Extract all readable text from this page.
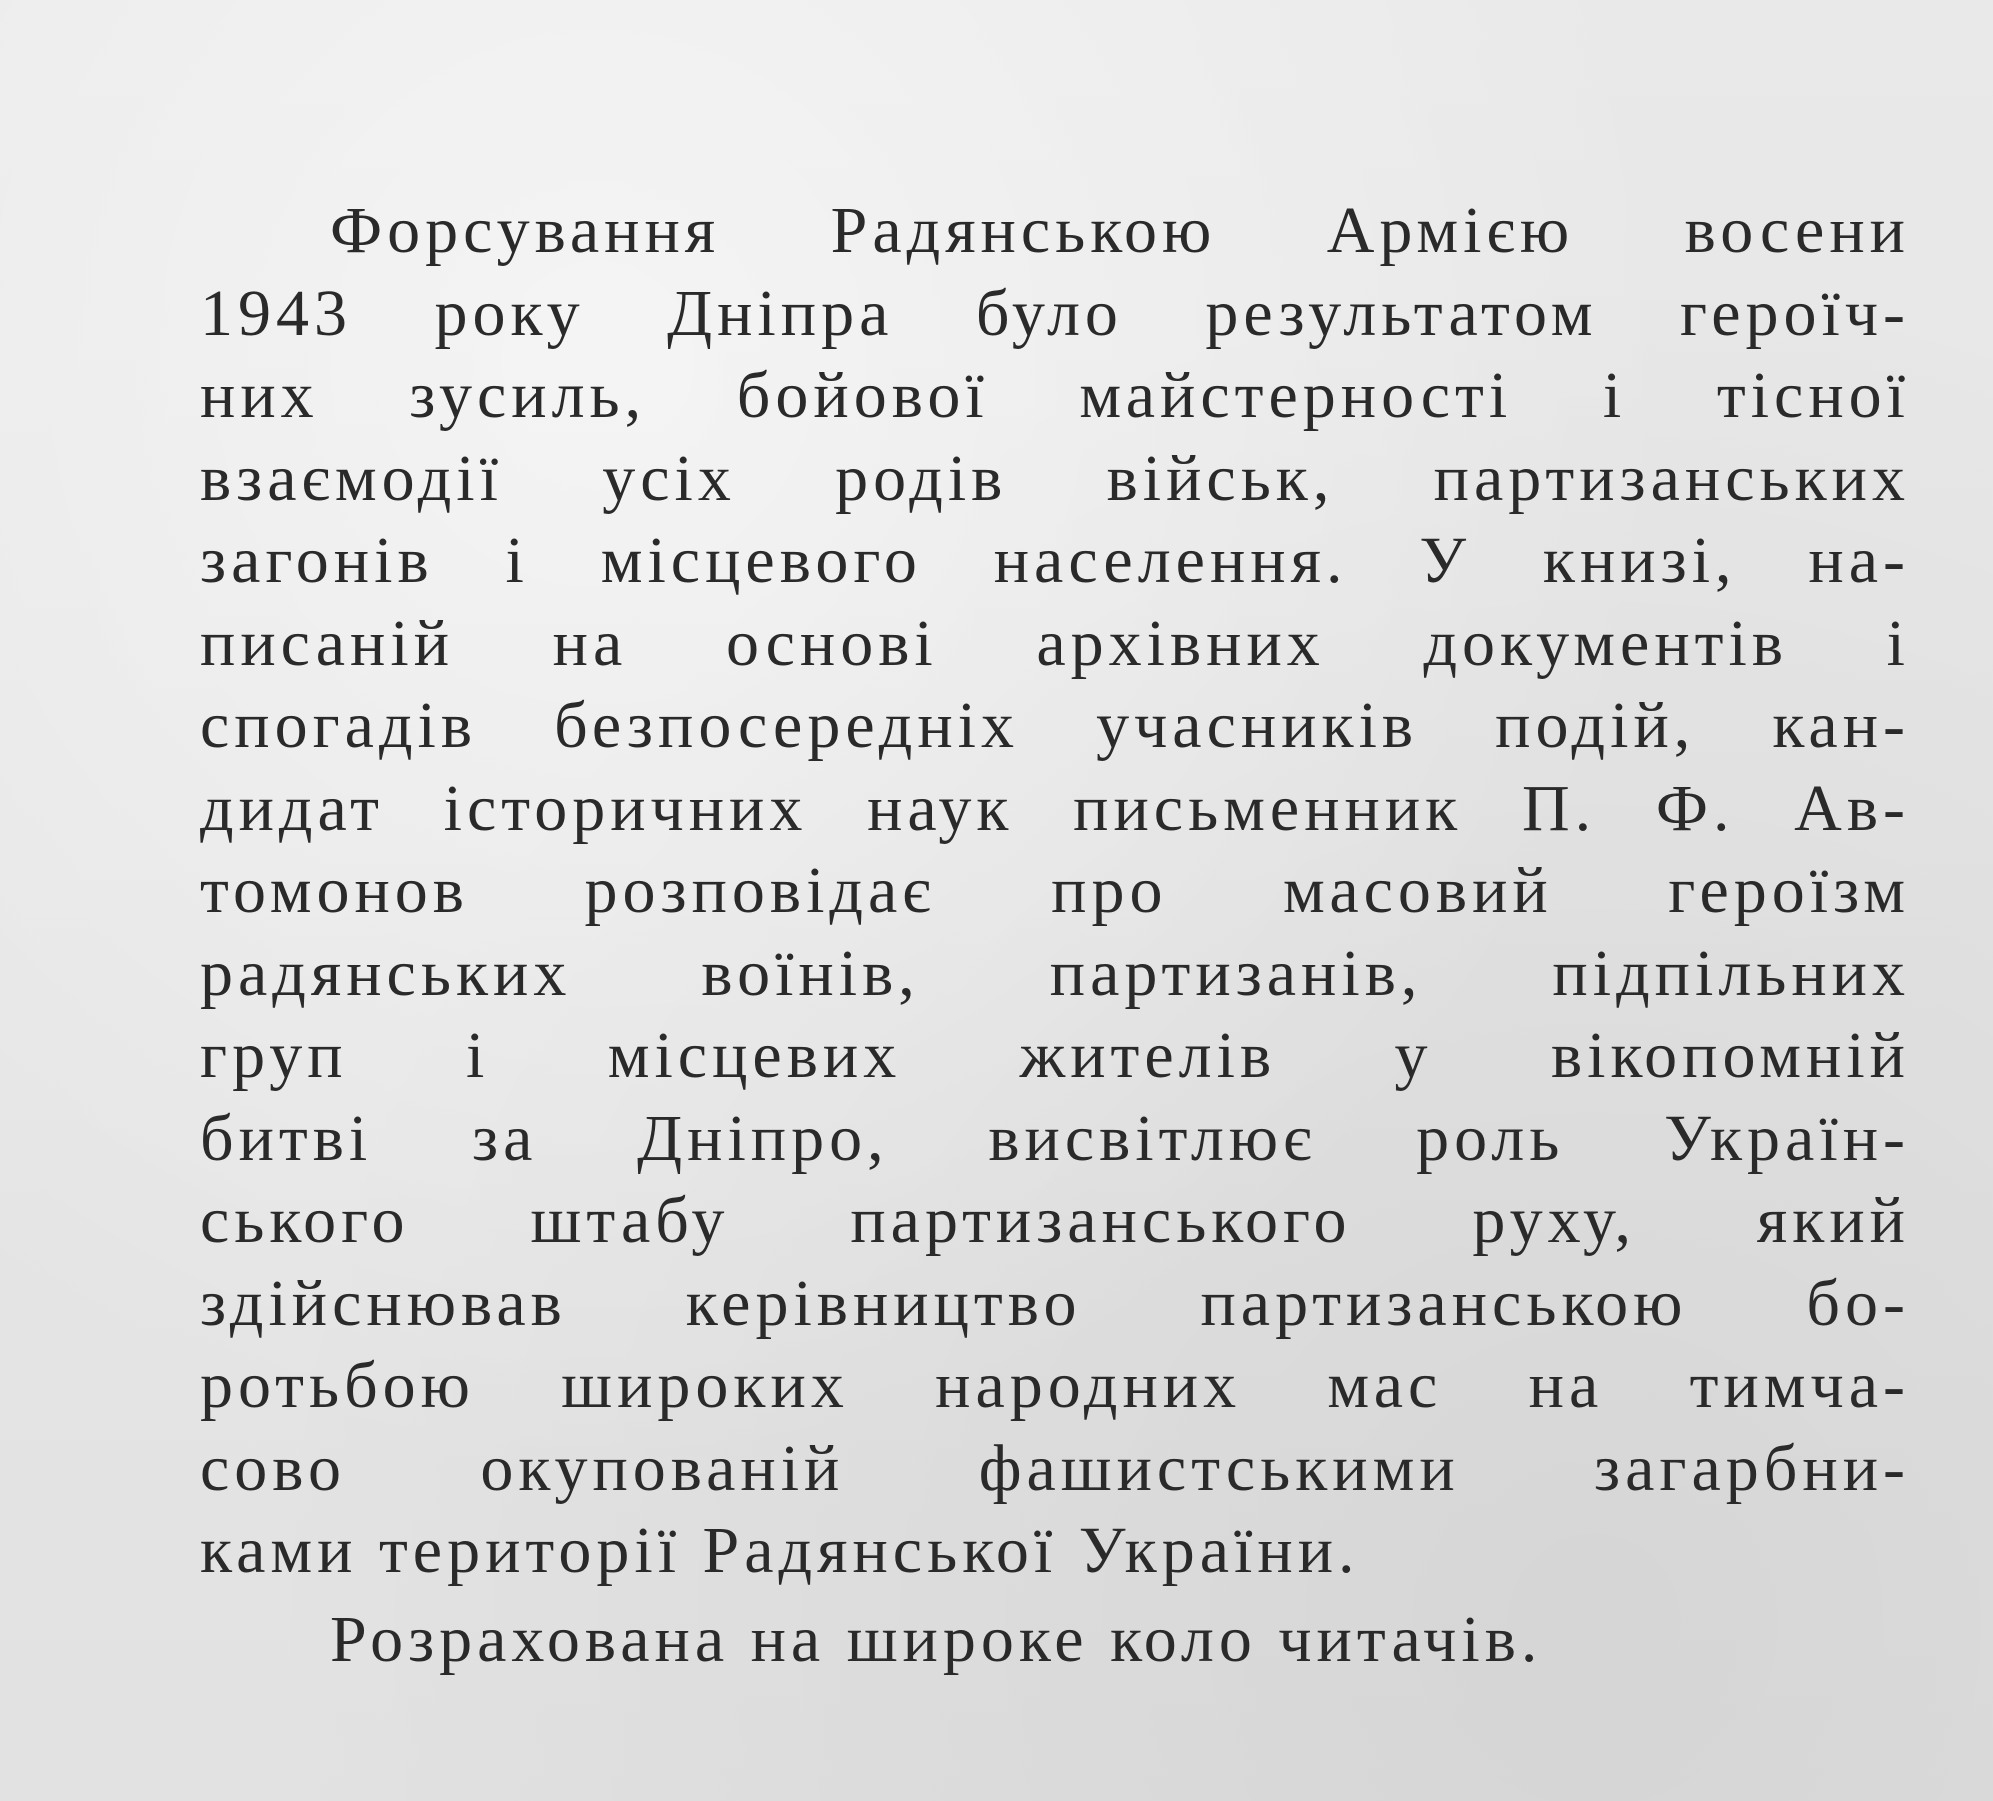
Форсування Радянською Армією восени
1943 року Дніпра було результатом героїч-
них зусиль, бойової майстерності і тісної
взаємодії усіх родів військ, партизанських
загонів і місцевого населення. У книзі, на-
писаній на основі архівних документів і
спогадів безпосередніх учасників подій, кан-
дидат історичних наук письменник П. Ф. Ав-
томонов розповідає про масовий героїзм
радянських воїнів, партизанів, підпільних
груп і місцевих жителів у вікопомній
битві за Дніпро, висвітлює роль Україн-
ського штабу партизанського руху, який
здійснював керівництво партизанською бо-
ротьбою широких народних мас на тимча-
сово окупованій фашистськими загарбни-
ками території Радянської України.
Розрахована на широке коло читачів.
